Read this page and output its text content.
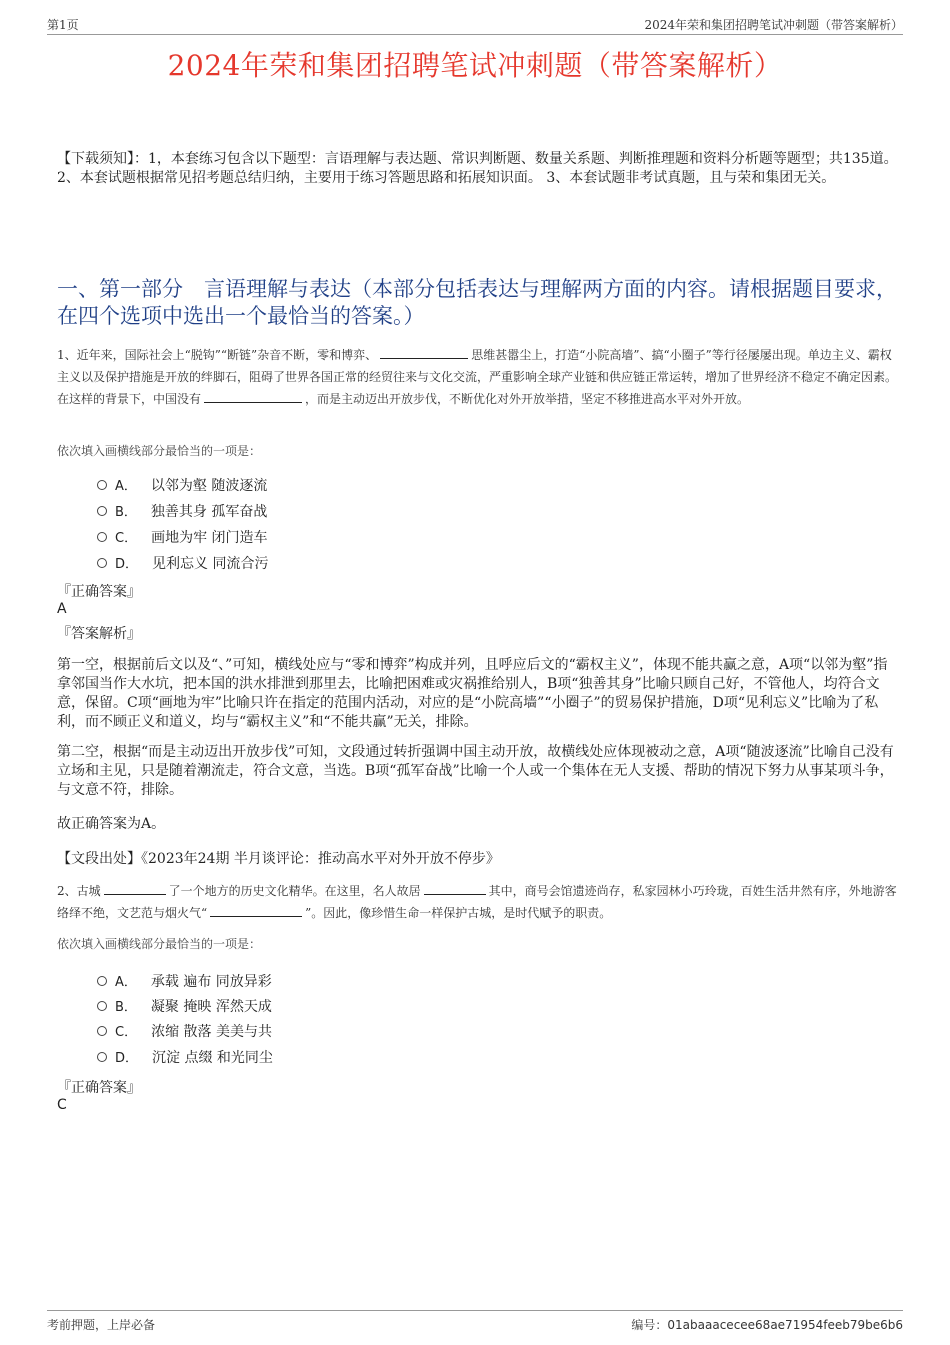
第1页	2024年荣和集团招聘笔试冲刺题（带答案解析）
2024年荣和集团招聘笔试冲刺题（带答案解析）
【下载须知】：1，本套练习包含以下题型：言语理解与表达题、常识判断题、数量关系题、判断推理题和资料分析题等题型；共135道。 2、本套试题根据常见招考题总结归纳，主要用于练习答题思路和拓展知识面。 3、本套试题非考试真题，且与荣和集团无关。
一、第一部分　言语理解与表达（本部分包括表达与理解两方面的内容。请根据题目要求，在四个选项中选出一个最恰当的答案。）
1、近年来，国际社会上“脱钩”“断链”杂音不断，零和博弈、	思维甚嚣尘上，打造“小院高墙”、搞“小圈子”等行径屡屡出现。单边主义、霸权主义以及保护措施是开放的绊脚石，阻碍了世界各国正常的经贸往来与文化交流，严重影响全球产业链和供应链正常运转，增加了世界经济不稳定不确定因素。在这样的背景下，中国没有	，而是主动迈出开放步伐，不断优化对外开放举措，坚定不移推进高水平对外开放。
依次填入画横线部分最恰当的一项是：
A． 以邻为壑 随波逐流
B． 独善其身 孤军奋战
C． 画地为牢 闭门造车
D． 见利忘义 同流合污
『正确答案』
A
『答案解析』
第一空，根据前后文以及“、”可知，横线处应与“零和博弈”构成并列，且呼应后文的“霸权主义”，体现不能共赢之意，A项“以邻为壑”指拿邻国当作大水坑，把本国的洪水排泄到那里去，比喻把困难或灾祸推给别人，B项“独善其身”比喻只顾自己好，不管他人，均符合文意，保留。C项“画地为牢”比喻只许在指定的范围内活动，对应的是“小院高墙”“小圈子”的贸易保护措施，D项“见利忘义”比喻为了私利，而不顾正义和道义，均与“霸权主义”和“不能共赢”无关，排除。
第二空，根据“而是主动迈出开放步伐”可知，文段通过转折强调中国主动开放，故横线处应体现被动之意，A项“随波逐流”比喻自己没有立场和主见，只是随着潮流走，符合文意，当选。B项“孤军奋战”比喻一个人或一个集体在无人支援、帮助的情况下努力从事某项斗争，与文意不符，排除。
故正确答案为A。
【文段出处】《2023年24期 半月谈评论：推动高水平对外开放不停步》
2、古城	了一个地方的历史文化精华。在这里，名人故居	其中，商号会馆遗迹尚存，私家园林小巧玲珑，百姓生活井然有序，外地游客络绎不绝，文艺范与烟火气“	”。因此，像珍惜生命一样保护古城，是时代赋予的职责。
依次填入画横线部分最恰当的一项是：
A． 承载 遍布 同放异彩
B． 凝聚 掩映 浑然天成
C． 浓缩 散落 美美与共
D． 沉淀 点缀 和光同尘
『正确答案』
C
考前押题，上岸必备	编号：01abaaacecee68ae71954feeb79be6b6
